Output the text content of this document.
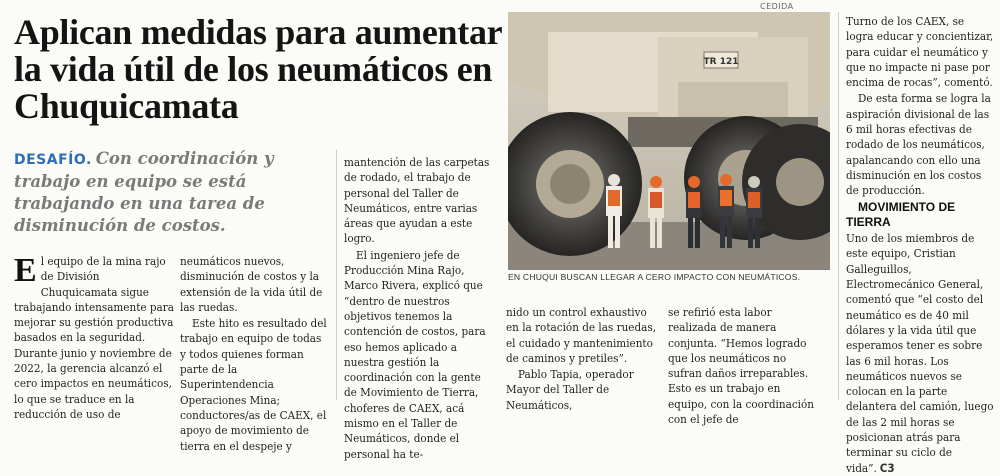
CEDIDA
Aplican medidas para aumentar la vida útil de los neumáticos en Chuquicamata
DESAFÍO. Con coordinación y trabajo en equipo se está trabajando en una tarea de disminución de costos.

El equipo de la mina rajo de División Chuquicamata sigue trabajando intensamente para mejorar su gestión productiva basados en la seguridad. Durante junio y noviembre de 2022, la gerencia alcanzó el cero impactos en neumáticos, lo que se traduce en la reducción de uso de

neumáticos nuevos, disminución de costos y la extensión de la vida útil de las ruedas.

Este hito es resultado del trabajo en equipo de todas y todos quienes forman parte de la Superintendencia Operaciones Mina; conductores/as de CAEX, el apoyo de movimiento de tierra en el despeje y

mantención de las carpetas de rodado, el trabajo de personal del Taller de Neumáticos, entre varias áreas que ayudan a este logro.

El ingeniero jefe de Producción Mina Rajo, Marco Rivera, explicó que “dentro de nuestros objetivos tenemos la contención de costos, para eso hemos aplicado a nuestra gestión la coordinación con la gente de Movimiento de Tierra, choferes de CAEX, acá mismo en el Taller de Neumáticos, donde el personal ha te-

TR 121
EN CHUQUI BUSCAN LLEGAR A CERO IMPACTO CON NEUMÁTICOS.

nido un control exhaustivo en la rotación de las ruedas, el cuidado y mantenimiento de caminos y pretiles”.

Pablo Tapia, operador Mayor del Taller de Neumáticos,

se refirió esta labor realizada de manera conjunta. “Hemos logrado que los neumáticos no sufran daños irreparables. Esto es un trabajo en equipo, con la coordinación con el jefe de

Turno de los CAEX, se logra educar y concientizar, para cuidar el neumático y que no impacte ni pase por encima de rocas”, comentó.

De esta forma se logra la aspiración divisional de las 6 mil horas efectivas de rodado de los neumáticos, apalancando con ello una disminución en los costos de producción.

MOVIMIENTO DE TIERRA

Uno de los miembros de este equipo, Cristian Galleguillos, Electromecánico General, comentó que “el costo del neumático es de 40 mil dólares y la vida útil que esperamos tener es sobre las 6 mil horas. Los neumáticos nuevos se colocan en la parte delantera del camión, luego de las 2 mil horas se posicionan atrás para terminar su ciclo de vida”. C3
